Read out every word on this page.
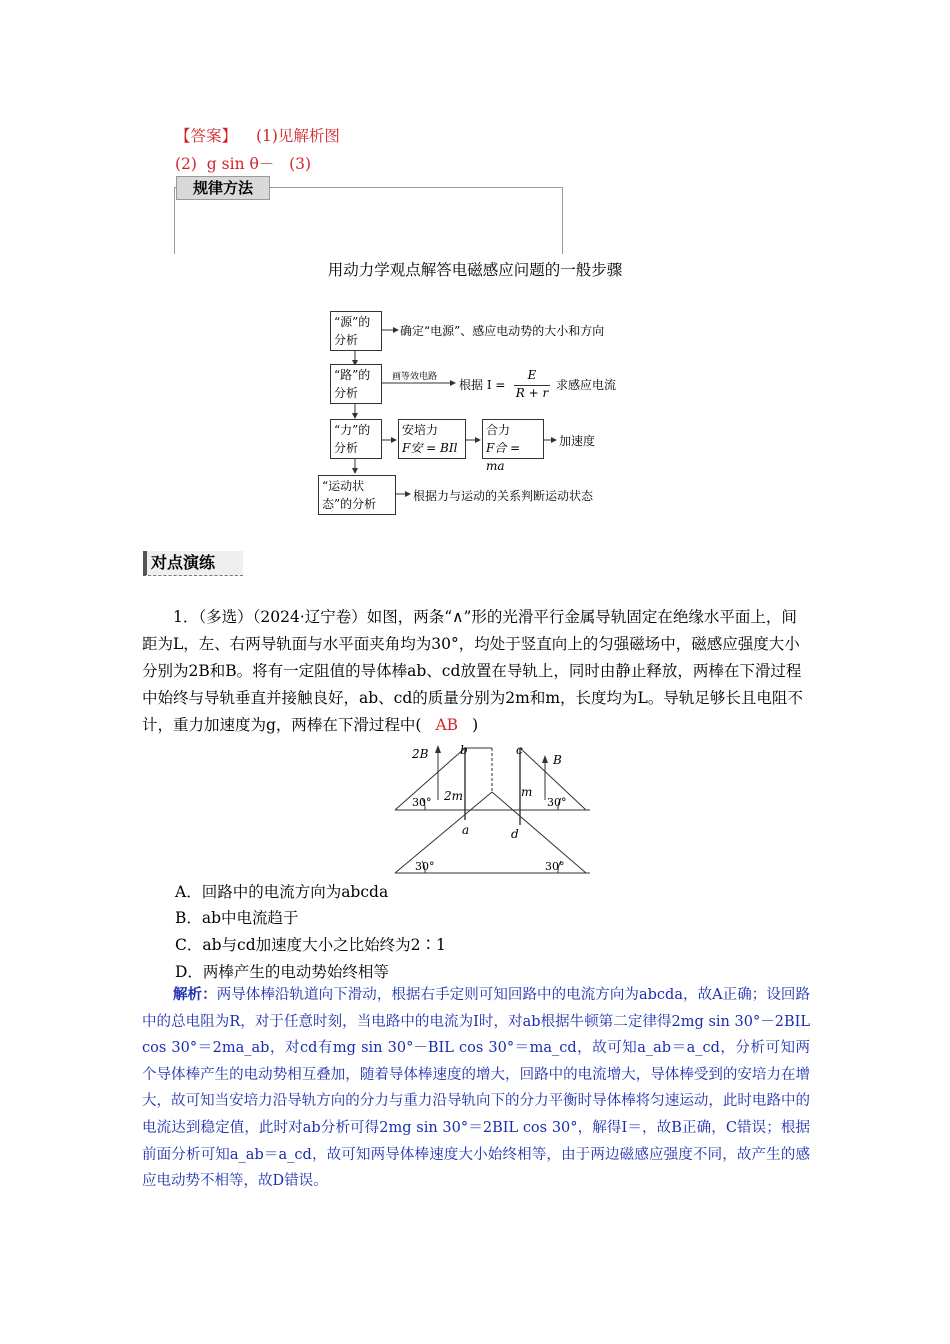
【答案】 (1)见解析图
(2)  g sin θ－   (3)
规律方法
用动力学观点解答电磁感应问题的一般步骤
“源”的分析
确定“电源”、感应电动势的大小和方向
“路”的分析
画等效电路
根据 I =
E
R + r
求感应电流
“力”的分析
安培力
F安 = BIl
合力
F合 = ma
加速度
“运动状态”的分析
根据力与运动的关系判断运动状态
对点演练
1．（多选）（2024·辽宁卷）如图，两条“∧”形的光滑平行金属导轨固定在绝缘水平面上，间距为L，左、右两导轨面与水平面夹角均为30°，均处于竖直向上的匀强磁场中，磁感应强度大小分别为2B和B。将有一定阻值的导体棒ab、cd放置在导轨上，同时由静止释放，两棒在下滑过程中始终与导轨垂直并接触良好，ab、cd的质量分别为2m和m，长度均为L。导轨足够长且电阻不计，重力加速度为g，两棒在下滑过程中( AB )
2B	B
b	c
a	d
2m	m
30°	30°
30°	30°
A．回路中的电流方向为abcda
B．ab中电流趋于
C．ab与cd加速度大小之比始终为2∶1
D．两棒产生的电动势始终相等
解析：两导体棒沿轨道向下滑动，根据右手定则可知回路中的电流方向为abcda，故A正确；设回路中的总电阻为R，对于任意时刻，当电路中的电流为I时，对ab根据牛顿第二定律得2mg sin 30°－2BIL cos 30°＝2ma_ab，对cd有mg sin 30°－BIL cos 30°＝ma_cd，故可知a_ab＝a_cd，分析可知两个导体棒产生的电动势相互叠加，随着导体棒速度的增大，回路中的电流增大，导体棒受到的安培力在增大，故可知当安培力沿导轨方向的分力与重力沿导轨向下的分力平衡时导体棒将匀速运动，此时电路中的电流达到稳定值，此时对ab分析可得2mg sin 30°＝2BIL cos 30°，解得I＝，故B正确，C错误；根据前面分析可知a_ab＝a_cd，故可知两导体棒速度大小始终相等，由于两边磁感应强度不同，故产生的感应电动势不相等，故D错误。
